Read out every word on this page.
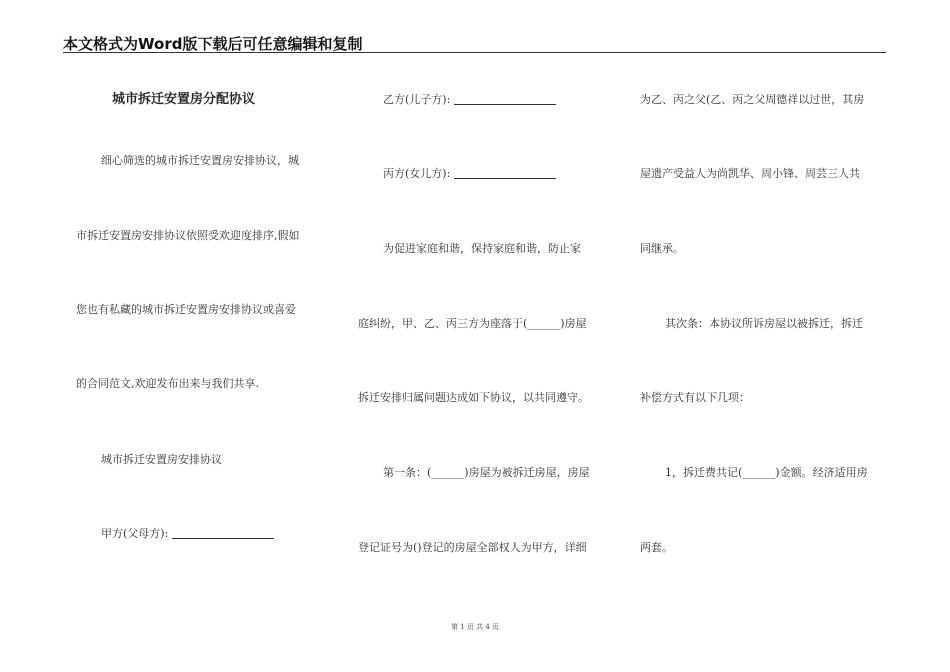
本文格式为Word版下载后可任意编辑和复制
城市拆迁安置房分配协议
细心筛选的城市拆迁安置房安排协议，城
市拆迁安置房安排协议依照受欢迎度排序,假如
您也有私藏的城市拆迁安置房安排协议或喜爱
的合同范文,欢迎发布出来与我们共享.
城市拆迁安置房安排协议
甲方(父母方):
乙方(儿子方):
丙方(女儿方):
为促进家庭和谐，保持家庭和谐，防止家
庭纠纷，甲、乙、丙三方为座落于(______)房屋
拆迁安排归属问题达成如下协议，以共同遵守。
第一条：(______)房屋为被拆迁房屋，房屋
登记证号为()登记的房屋全部权人为甲方，详细
为乙、丙之父(乙、丙之父周德祥以过世，其房
屋遗产受益人为尚凯华、周小锋、周芸三人共
同继承。
其次条：本协议所诉房屋以被拆迁，拆迁
补偿方式有以下几项：
1，拆迁费共记(______)金额。经济适用房
两套。
第 1 页 共 4 页
